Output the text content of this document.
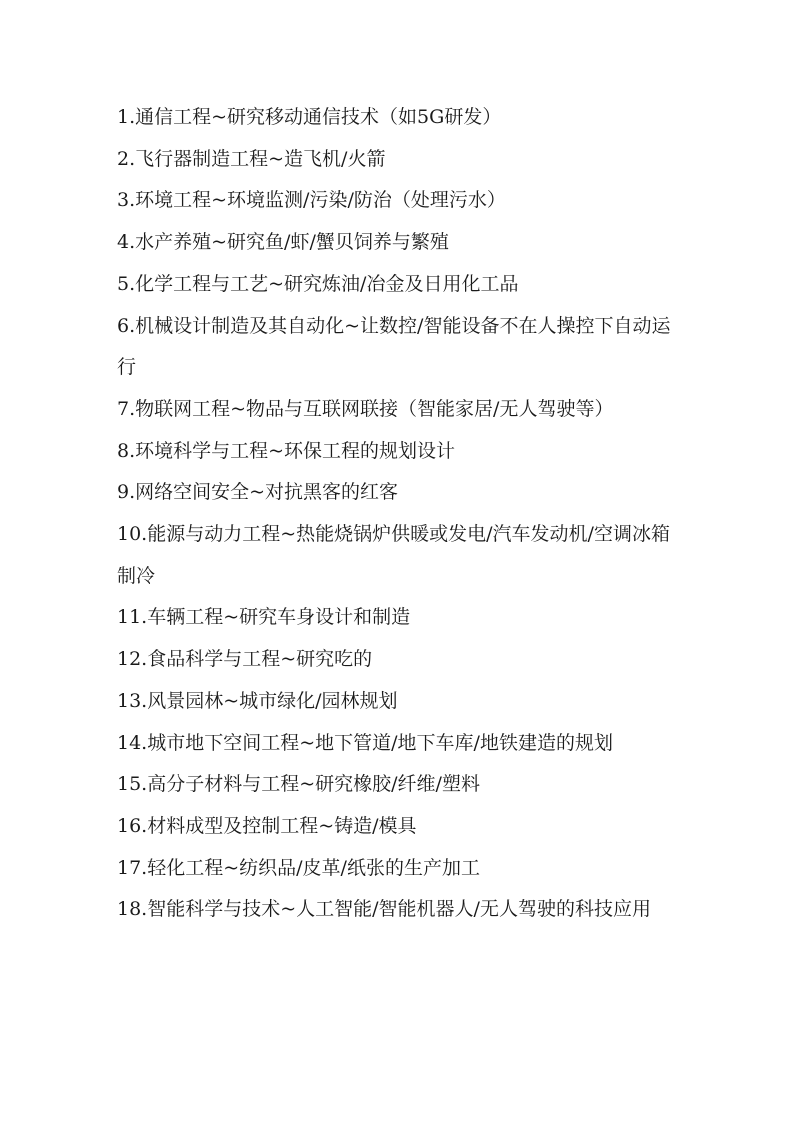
1.通信工程~研究移动通信技术（如5G研发）

2.飞行器制造工程~造飞机/火箭

3.环境工程~环境监测/污染/防治（处理污水）

4.水产养殖~研究鱼/虾/蟹贝饲养与繁殖

5.化学工程与工艺~研究炼油/冶金及日用化工品

6.机械设计制造及其自动化~让数控/智能设备不在人操控下自动运行

7.物联网工程~物品与互联网联接（智能家居/无人驾驶等）

8.环境科学与工程~环保工程的规划设计

9.网络空间安全~对抗黑客的红客

10.能源与动力工程~热能烧锅炉供暖或发电/汽车发动机/空调冰箱制冷

11.车辆工程~研究车身设计和制造

12.食品科学与工程~研究吃的

13.风景园林~城市绿化/园林规划

14.城市地下空间工程~地下管道/地下车库/地铁建造的规划

15.高分子材料与工程~研究橡胶/纤维/塑料

16.材料成型及控制工程~铸造/模具

17.轻化工程~纺织品/皮革/纸张的生产加工

18.智能科学与技术~人工智能/智能机器人/无人驾驶的科技应用
